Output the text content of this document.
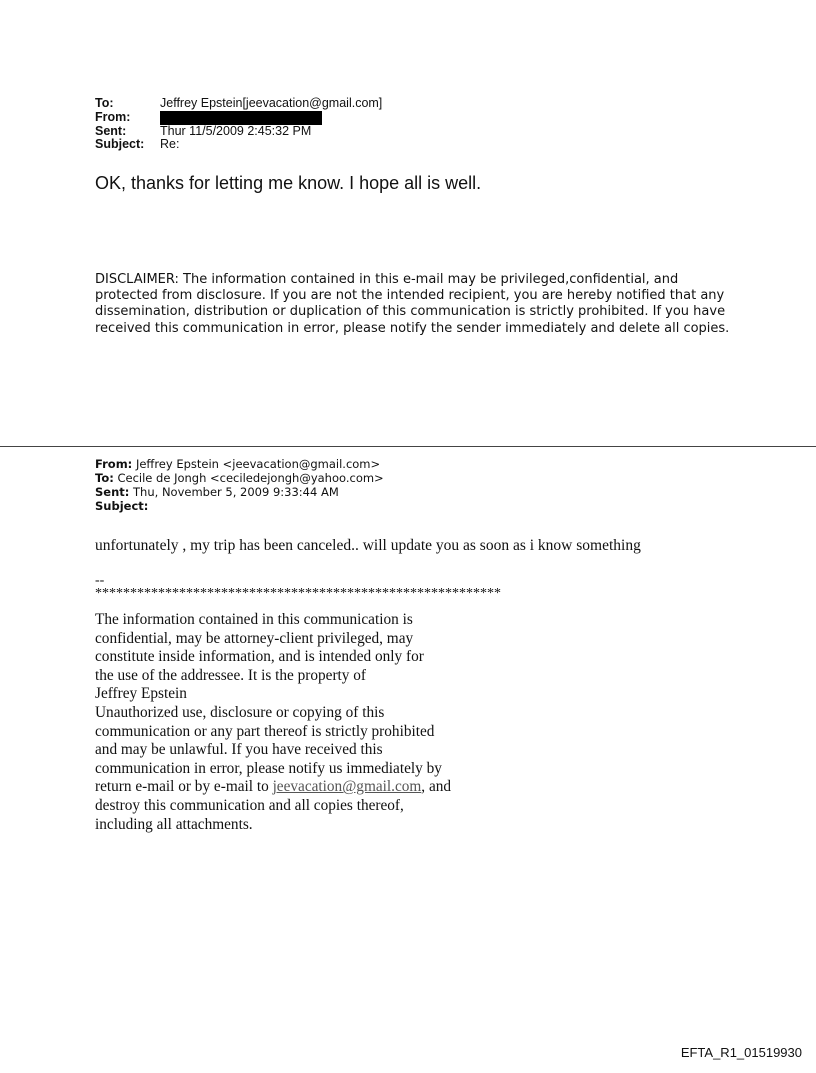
To:	Jeffrey Epstein[jeevacation@gmail.com]
From:
Sent:	Thur 11/5/2009 2:45:32 PM
Subject:	Re:
OK, thanks for letting me know. I hope all is well.

DISCLAIMER: The information contained in this e-mail may be privileged,confidential, and protected from disclosure. If you are not the intended recipient, you are hereby notified that any dissemination, distribution or duplication of this communication is strictly prohibited. If you have received this communication in error, please notify the sender immediately and delete all copies.

From: Jeffrey Epstein <jeevacation@gmail.com>
To: Cecile de Jongh <ceciledejongh@yahoo.com>
Sent: Thu, November 5, 2009 9:33:44 AM
Subject:
unfortunately , my trip has been canceled.. will update you as soon as i know something
--
**********************************************************
The information contained in this communication is
confidential, may be attorney-client privileged, may
constitute inside information, and is intended only for
the use of the addressee. It is the property of
Jeffrey Epstein
Unauthorized use, disclosure or copying of this
communication or any part thereof is strictly prohibited
and may be unlawful. If you have received this
communication in error, please notify us immediately by
return e-mail or by e-mail to jeevacation@gmail.com, and
destroy this communication and all copies thereof,
including all attachments.
EFTA_R1_01519930
